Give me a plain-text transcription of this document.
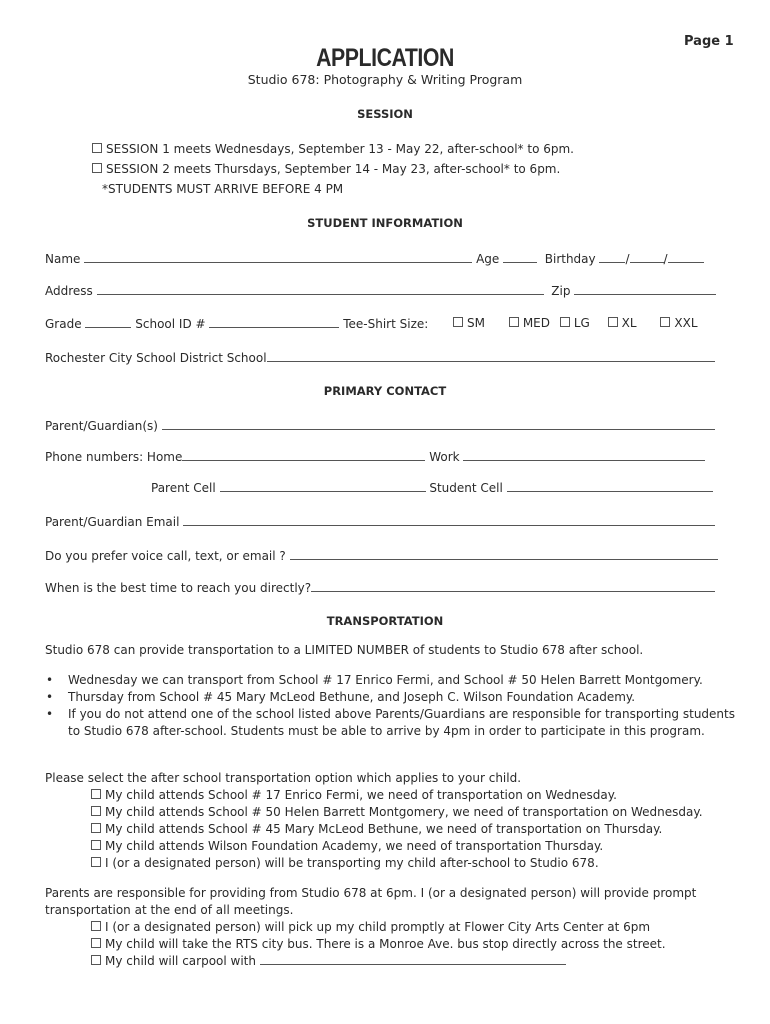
Page 1
APPLICATION
Studio 678: Photography & Writing Program
SESSION
SESSION 1 meets Wednesdays, September 13 - May 22, after-school* to 6pm.
SESSION 2 meets Thursdays, September 14 - May 23, after-school* to 6pm.
*STUDENTS MUST ARRIVE BEFORE 4 PM
STUDENT INFORMATION
Name	Age	Birthday /	/
Address	Zip
Grade	School ID #	Tee-Shirt Size:	SM	MED LG	XL	XXL
Rochester City School District School
PRIMARY CONTACT
Parent/Guardian(s)
Phone numbers: Home	Work
Parent Cell	Student Cell
Parent/Guardian Email
Do you prefer voice call, text, or email ?
When is the best time to reach you directly?
TRANSPORTATION
Studio 678 can provide transportation to a LIMITED NUMBER of students to Studio 678 after school.
• Wednesday we can transport from School # 17 Enrico Fermi, and School # 50 Helen Barrett Montgomery.
• Thursday from School # 45 Mary McLeod Bethune, and Joseph C. Wilson Foundation Academy.
• If you do not attend one of the school listed above Parents/Guardians are responsible for transporting students to Studio 678 after-school. Students must be able to arrive by 4pm in order to participate in this program.
Please select the after school transportation option which applies to your child.
My child attends School # 17 Enrico Fermi, we need of transportation on Wednesday.
My child attends School # 50 Helen Barrett Montgomery, we need of transportation on Wednesday.
My child attends School # 45 Mary McLeod Bethune, we need of transportation on Thursday.
My child attends Wilson Foundation Academy, we need of transportation Thursday.
I (or a designated person) will be transporting my child after-school to Studio 678.
Parents are responsible for providing from Studio 678 at 6pm. I (or a designated person) will provide prompt transportation at the end of all meetings.
I (or a designated person) will pick up my child promptly at Flower City Arts Center at 6pm
My child will take the RTS city bus. There is a Monroe Ave. bus stop directly across the street.
My child will carpool with
